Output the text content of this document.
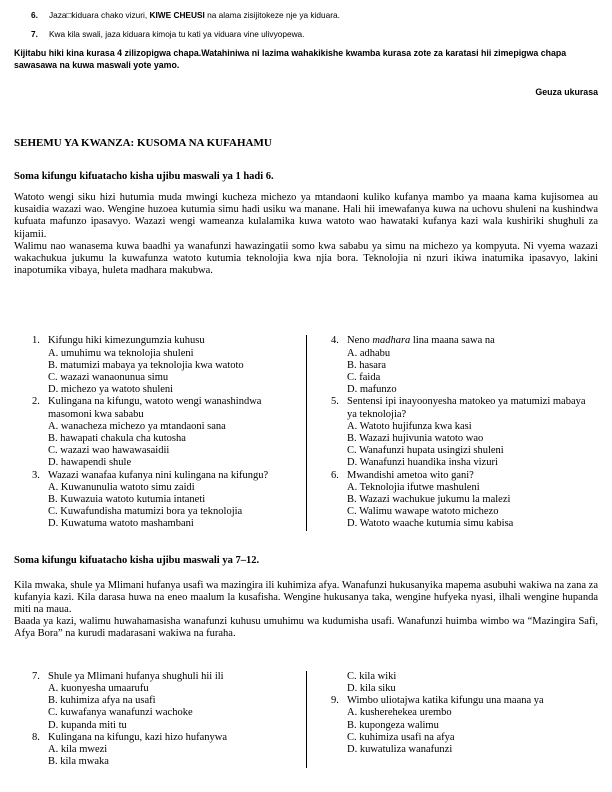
6.	Jaza□kiduara chako vizuri, KIWE CHEUSI na alama zisijitokeze nje ya kiduara.
7.	Kwa kila swali, jaza kiduara kimoja tu kati ya viduara vine ulivyopewa.

Kijitabu hiki kina kurasa 4 zilizopigwa chapa.Watahiniwa ni lazima wahakikishe kwamba kurasa zote za karatasi hii zimepigwa chapa sawasawa na kuwa maswali yote yamo.

Geuza ukurasa

SEHEMU YA KWANZA: KUSOMA NA KUFAHAMU

Soma kifungu kifuatacho kisha ujibu maswali ya 1 hadi 6.

Watoto wengi siku hizi hutumia muda mwingi kucheza michezo ya mtandaoni kuliko kufanya mambo ya maana kama kujisomea au kusaidia wazazi wao. Wengine huzoea kutumia simu hadi usiku wa manane. Hali hii imewafanya kuwa na uchovu shuleni na kushindwa kufuata mafunzo ipasavyo. Wazazi wengi wameanza kulalamika kuwa watoto wao hawataki kufanya kazi wala kushiriki shughuli za kijamii.

Walimu nao wanasema kuwa baadhi ya wanafunzi hawazingatii somo kwa sababu ya simu na michezo ya kompyuta. Ni vyema wazazi wakachukua jukumu la kuwafunza watoto kutumia teknolojia kwa njia bora. Teknolojia ni nzuri ikiwa inatumika ipasavyo, lakini inapotumika vibaya, huleta madhara makubwa.

1. Kifungu hiki kimezungumzia kuhusu
A. umuhimu wa teknolojia shuleni
B. matumizi mabaya ya teknolojia kwa watoto
C. wazazi wanaonunua simu
D. michezo ya watoto shuleni
2. Kulingana na kifungu, watoto wengi wanashindwa masomoni kwa sababu
A. wanacheza michezo ya mtandaoni sana
B. hawapati chakula cha kutosha
C. wazazi wao hawawasaidii
D. hawapendi shule
3. Wazazi wanafaa kufanya nini kulingana na kifungu?
A. Kuwanunulia watoto simu zaidi
B. Kuwazuia watoto kutumia intaneti
C. Kuwafundisha matumizi bora ya teknolojia
D. Kuwatuma watoto mashambani
4. Neno madhara lina maana sawa na
A. adhabu
B. hasara
C. faida
D. mafunzo
5. Sentensi ipi inayoonyesha matokeo ya matumizi mabaya ya teknolojia?
A. Watoto hujifunza kwa kasi
B. Wazazi hujivunia watoto wao
C. Wanafunzi hupata usingizi shuleni
D. Wanafunzi huandika insha vizuri
6. Mwandishi ametoa wito gani?
A. Teknolojia ifutwe mashuleni
B. Wazazi wachukue jukumu la malezi
C. Walimu wawape watoto michezo
D. Watoto waache kutumia simu kabisa

Soma kifungu kifuatacho kisha ujibu maswali ya 7–12.

Kila mwaka, shule ya Mlimani hufanya usafi wa mazingira ili kuhimiza afya. Wanafunzi hukusanyika mapema asubuhi wakiwa na zana za kufanyia kazi. Kila darasa huwa na eneo maalum la kusafisha. Wengine hukusanya taka, wengine hufyeka nyasi, ilhali wengine hupanda miti na maua.

Baada ya kazi, walimu huwahamasisha wanafunzi kuhusu umuhimu wa kudumisha usafi. Wanafunzi huimba wimbo wa “Mazingira Safi, Afya Bora” na kurudi madarasani wakiwa na furaha.

7. Shule ya Mlimani hufanya shughuli hii ili
A. kuonyesha umaarufu
B. kuhimiza afya na usafi
C. kuwafanya wanafunzi wachoke
D. kupanda miti tu
8. Kulingana na kifungu, kazi hizo hufanywa
A. kila mwezi
B. kila mwaka
C. kila wiki
D. kila siku
9. Wimbo uliotajwa katika kifungu una maana ya
A. kusherehekea urembo
B. kupongeza walimu
C. kuhimiza usafi na afya
D. kuwatuliza wanafunzi
